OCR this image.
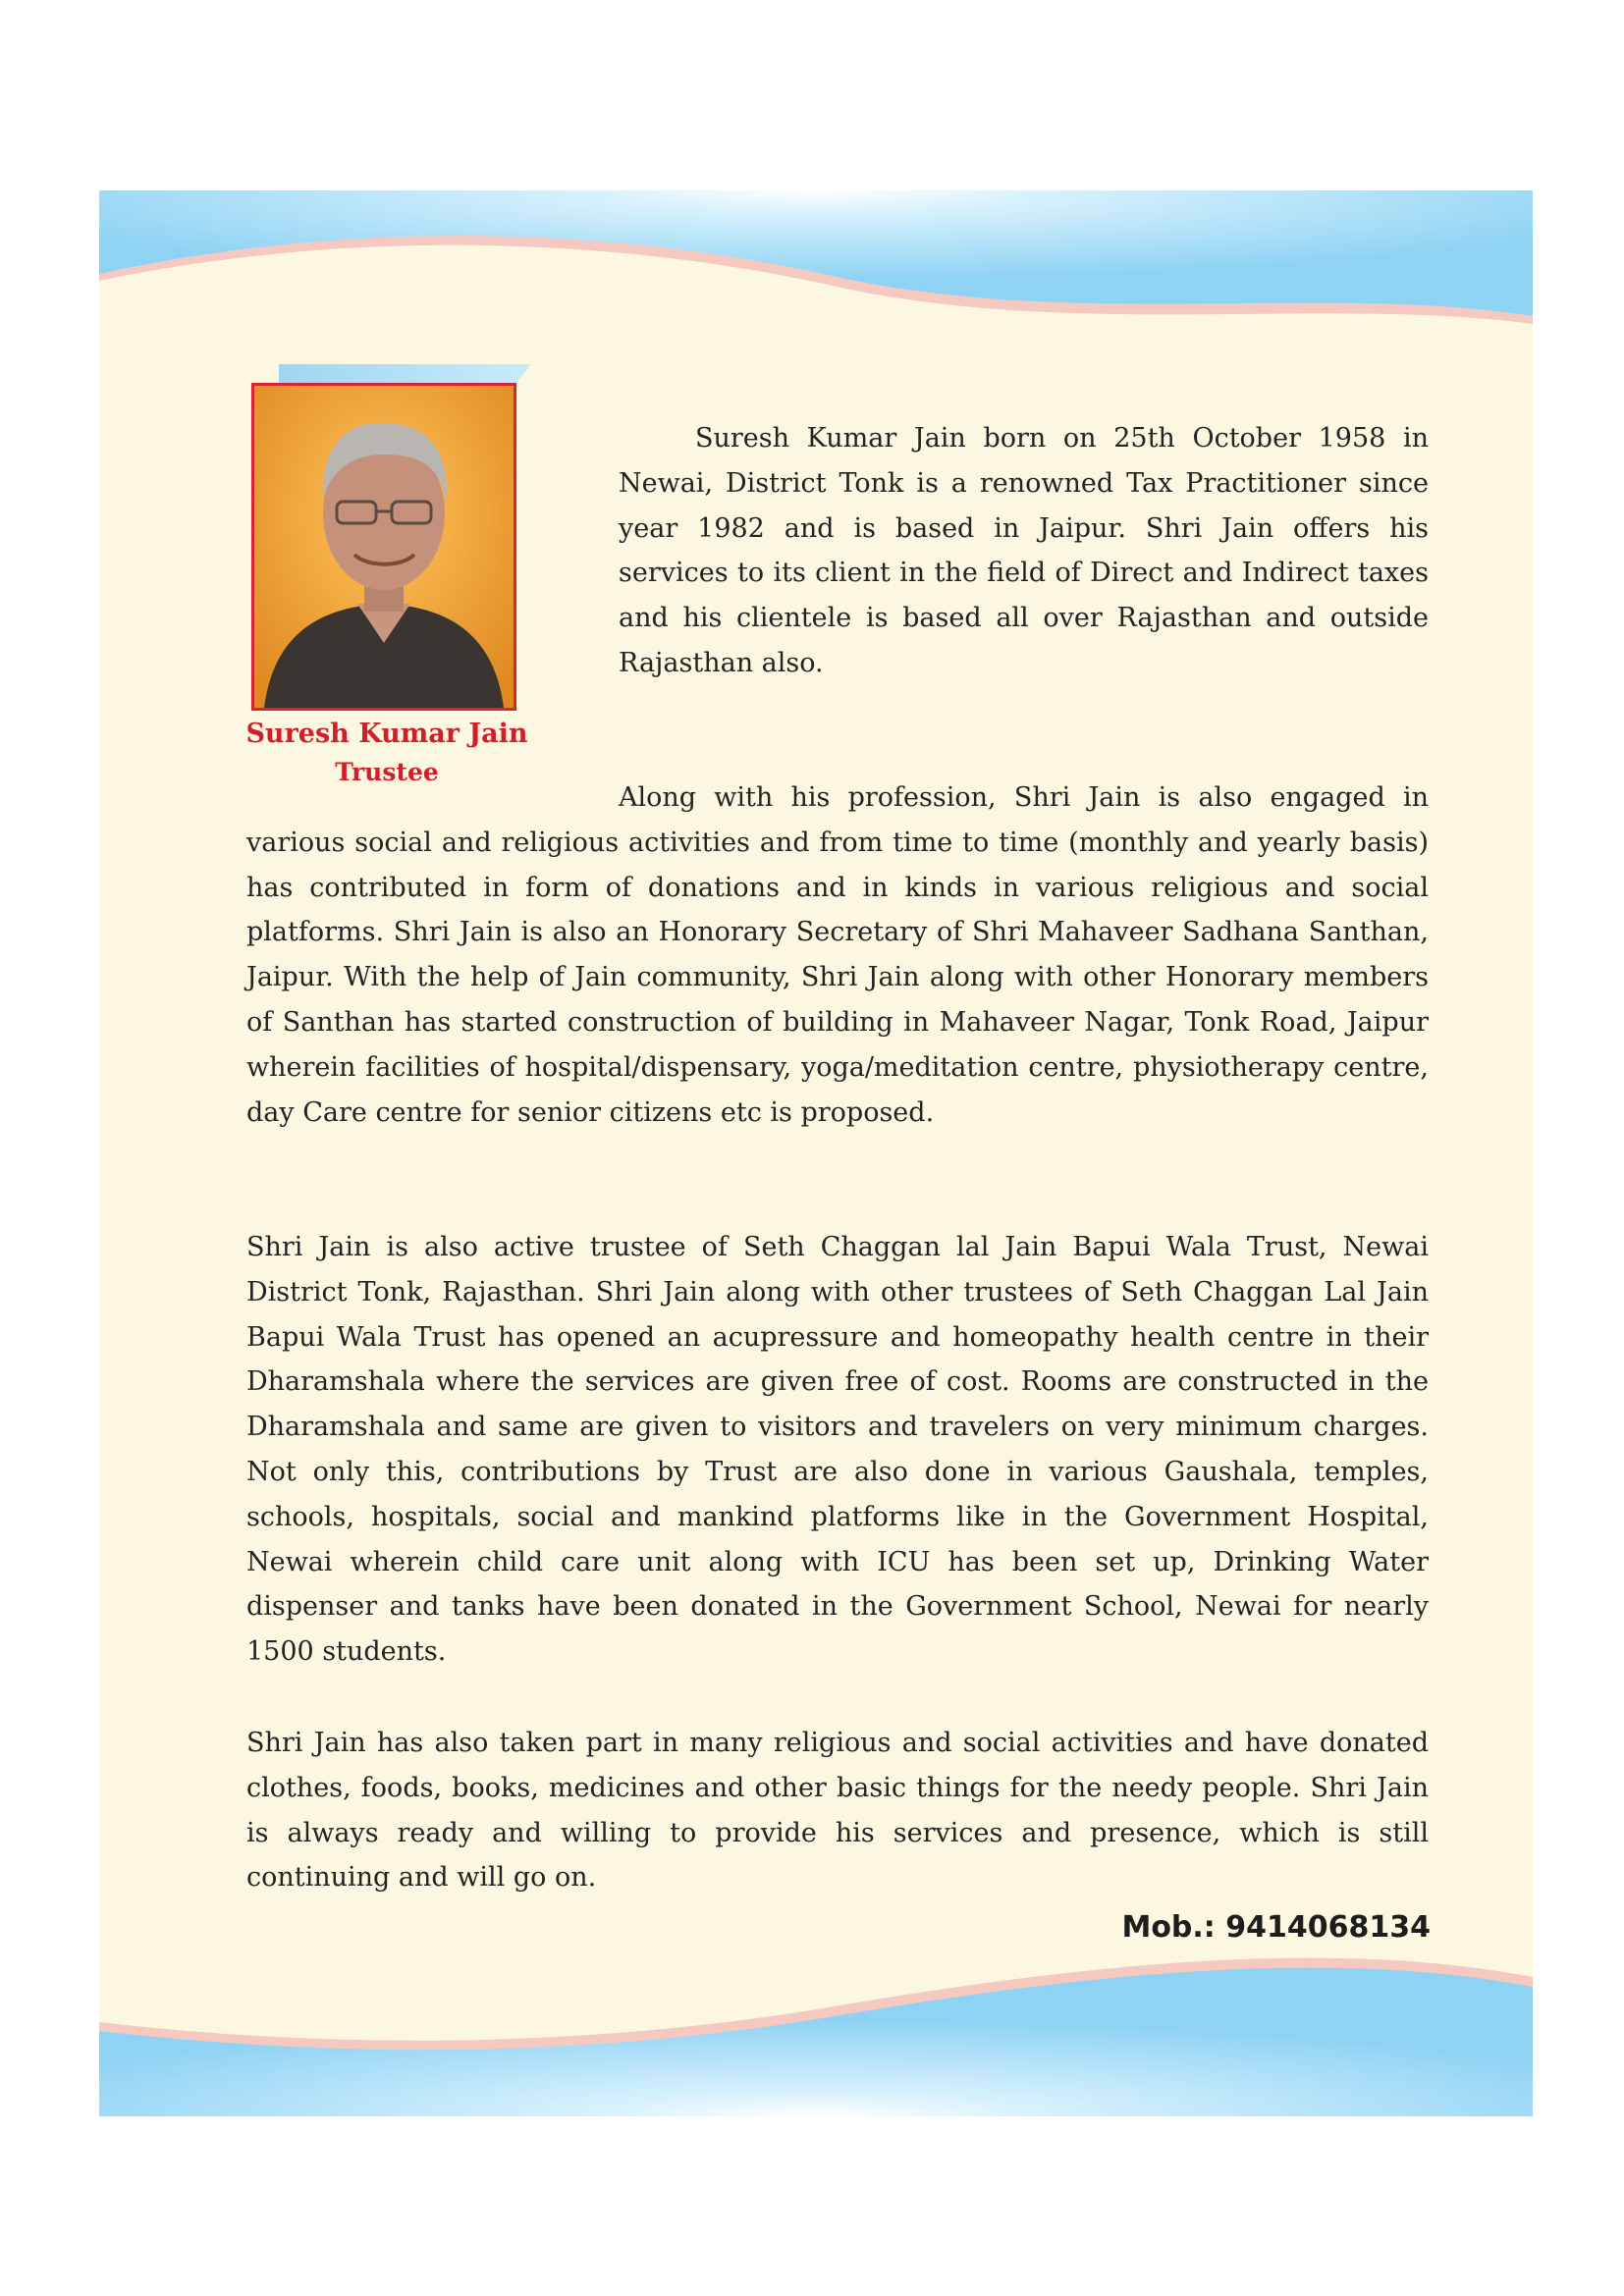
Suresh Kumar Jain
Trustee

Suresh Kumar Jain born on 25th October 1958 in Newai, District Tonk is a renowned Tax Practitioner since year 1982 and is based in Jaipur. Shri Jain offers his services to its client in the field of Direct and Indirect taxes and his clientele is based all over Rajasthan and outside Rajasthan also.

Along with his profession, Shri Jain is also engaged in various social and religious activities and from time to time (monthly and yearly basis) has contributed in form of donations and in kinds in various religious and social platforms. Shri Jain is also an Honorary Secretary of Shri Mahaveer Sadhana Santhan, Jaipur. With the help of Jain community, Shri Jain along with other Honorary members of Santhan has started construction of building in Mahaveer Nagar, Tonk Road, Jaipur wherein facilities of hospital/dispensary, yoga/meditation centre, physiotherapy centre, day Care centre for senior citizens etc is proposed.

Shri Jain is also active trustee of Seth Chaggan lal Jain Bapui Wala Trust, Newai District Tonk, Rajasthan. Shri Jain along with other trustees of Seth Chaggan Lal Jain Bapui Wala Trust has opened an acupressure and homeopathy health centre in their Dharamshala where the services are given free of cost. Rooms are constructed in the Dharamshala and same are given to visitors and travelers on very minimum charges. Not only this, contributions by Trust are also done in various Gaushala, temples, schools, hospitals, social and mankind platforms like in the Government Hospital, Newai wherein child care unit along with ICU has been set up, Drinking Water dispenser and tanks have been donated in the Government School, Newai for nearly 1500 students.

Shri Jain has also taken part in many religious and social activities and have donated clothes, foods, books, medicines and other basic things for the needy people. Shri Jain is always ready and willing to provide his services and presence, which is still continuing and will go on.

Mob.: 9414068134
